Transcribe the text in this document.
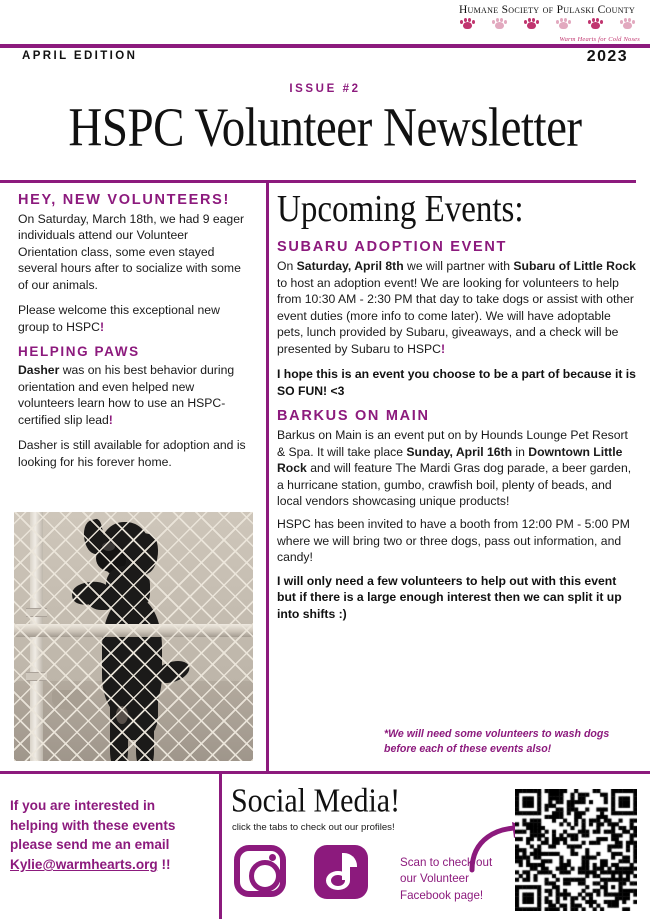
Humane Society of Pulaski County
Warm Hearts for Cold Noses
APRIL EDITION	2023
ISSUE #2
HSPC Volunteer Newsletter
HEY, NEW VOLUNTEERS!

On Saturday, March 18th, we had 9 eager individuals attend our Volunteer Orientation class, some even stayed several hours after to socialize with some of our animals.

Please welcome this exceptional new group to HSPC!

HELPING PAWS

Dasher was on his best behavior during orientation and even helped new volunteers learn how to use an HSPC-certified slip lead!

Dasher is still available for adoption and is looking for his forever home.

Upcoming Events:
SUBARU ADOPTION EVENT

On Saturday, April 8th we will partner with Subaru of Little Rock to host an adoption event! We are looking for volunteers to help from 10:30 AM - 2:30 PM that day to take dogs or assist with other event duties (more info to come later). We will have adoptable pets, lunch provided by Subaru, giveaways, and a check will be presented by Subaru to HSPC!

I hope this is an event you choose to be a part of because it is SO FUN! <3

BARKUS ON MAIN

Barkus on Main is an event put on by Hounds Lounge Pet Resort & Spa. It will take place Sunday, April 16th in Downtown Little Rock and will feature The Mardi Gras dog parade, a beer garden, a hurricane station, gumbo, crawfish boil, plenty of beads, and local vendors showcasing unique products!

HSPC has been invited to have a booth from 12:00 PM - 5:00 PM where we will bring two or three dogs, pass out information, and candy!

I will only need a few volunteers to help out with this event but if there is a large enough interest then we can split it up into shifts :)

*We will need some volunteers to wash dogs before each of these events also!
If you are interested in
helping with these events
please send me an email
Kylie@warmhearts.org !!
Social Media!
click the tabs to check out our profiles!
Scan to check out our Volunteer Facebook page!
